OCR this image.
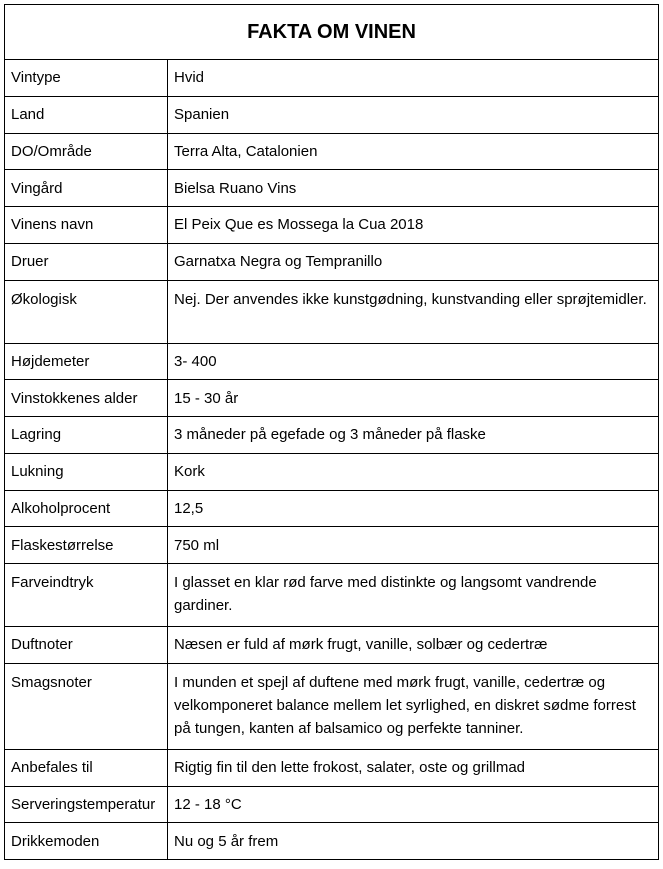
FAKTA OM VINEN	
Vintype	Hvid
Land	Spanien
DO/Område	Terra Alta, Catalonien
Vingård	Bielsa Ruano Vins
Vinens navn	El Peix Que es Mossega la Cua 2018
Druer	Garnatxa Negra og Tempranillo
Økologisk	Nej. Der anvendes ikke kunstgødning, kunstvanding eller sprøjtemidler.
Højdemeter	3- 400
Vinstokkenes alder	15 - 30 år
Lagring	3 måneder på egefade og 3 måneder på flaske
Lukning	Kork
Alkoholprocent	12,5
Flaskestørrelse	750 ml
Farveindtryk	I glasset en klar rød farve med distinkte og langsomt vandrende gardiner.
Duftnoter	Næsen er fuld af mørk frugt, vanille, solbær og cedertræ
Smagsnoter	I munden et spejl af duftene med mørk frugt, vanille, cedertræ og velkomponeret balance mellem let syrlighed, en diskret sødme forrest på tungen, kanten af balsamico og perfekte tanniner.
Anbefales til	Rigtig fin til den lette frokost, salater, oste og grillmad
Serveringstemperatur	12 - 18 °C
Drikkemoden	Nu og 5 år frem
